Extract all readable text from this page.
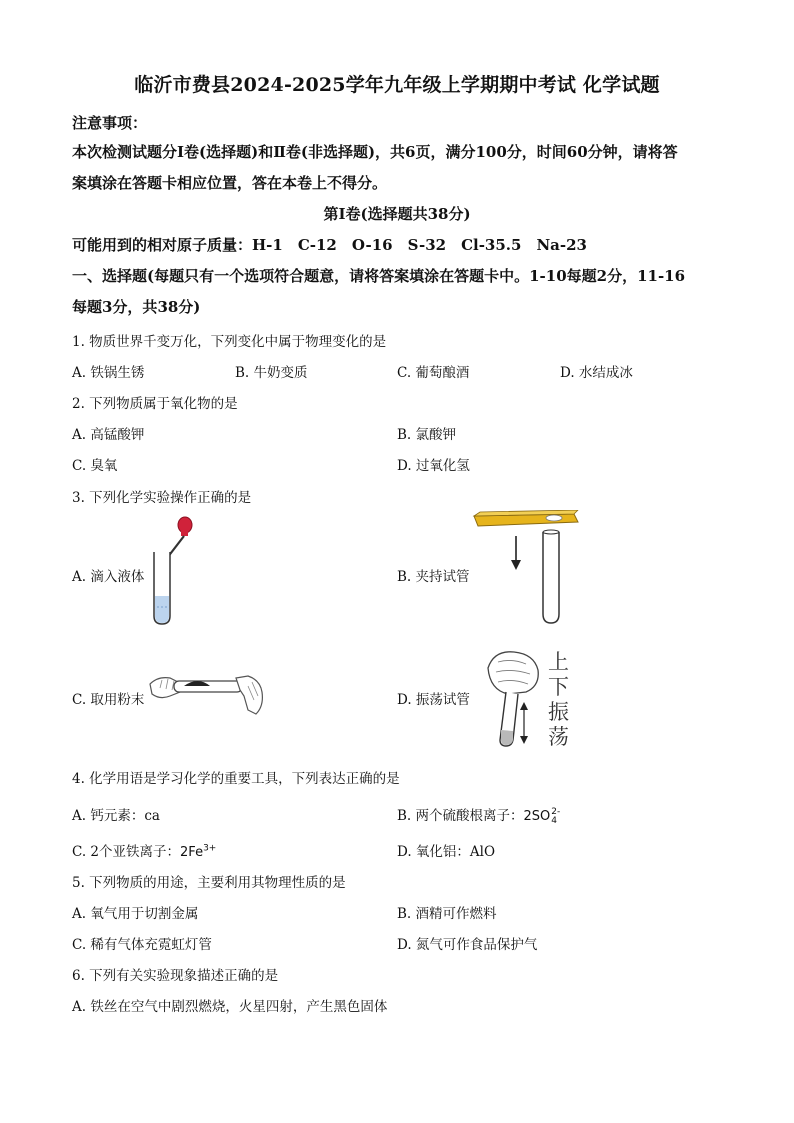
临沂市费县2024-2025学年九年级上学期期中考试 化学试题
注意事项：
本次检测试题分Ⅰ卷(选择题)和Ⅱ卷(非选择题)，共6页，满分100分，时间60分钟，请将答
案填涂在答题卡相应位置，答在本卷上不得分。
第Ⅰ卷(选择题共38分)
可能用到的相对原子质量：H-1　C-12　O-16　S-32　Cl-35.5　Na-23
一、选择题(每题只有一个选项符合题意，请将答案填涂在答题卡中。1-10每题2分，11-16
每题3分，共38分)
1. 物质世界千变万化，下列变化中属于物理变化的是
A. 铁锅生锈	B. 牛奶变质	C. 葡萄酿酒	D. 水结成冰
2. 下列物质属于氧化物的是
A. 高锰酸钾	B. 氯酸钾
C. 臭氧	D. 过氧化氢
3. 下列化学实验操作正确的是
A. 滴入液体	B. 夹持试管
C. 取用粉末
上
下
振
荡
D. 振荡试管
4. 化学用语是学习化学的重要工具，下列表达正确的是
A. 钙元素：ca	B. 两个硫酸根离子：2SO 2-
4
C. 2个亚铁离子：$2Fe^{3+}$	D. 氧化铝：AlO
5. 下列物质的用途，主要利用其物理性质的是
A. 氧气用于切割金属	B. 酒精可作燃料
C. 稀有气体充霓虹灯管	D. 氮气可作食品保护气
6. 下列有关实验现象描述正确的是
A. 铁丝在空气中剧烈燃烧，火星四射，产生黑色固体
